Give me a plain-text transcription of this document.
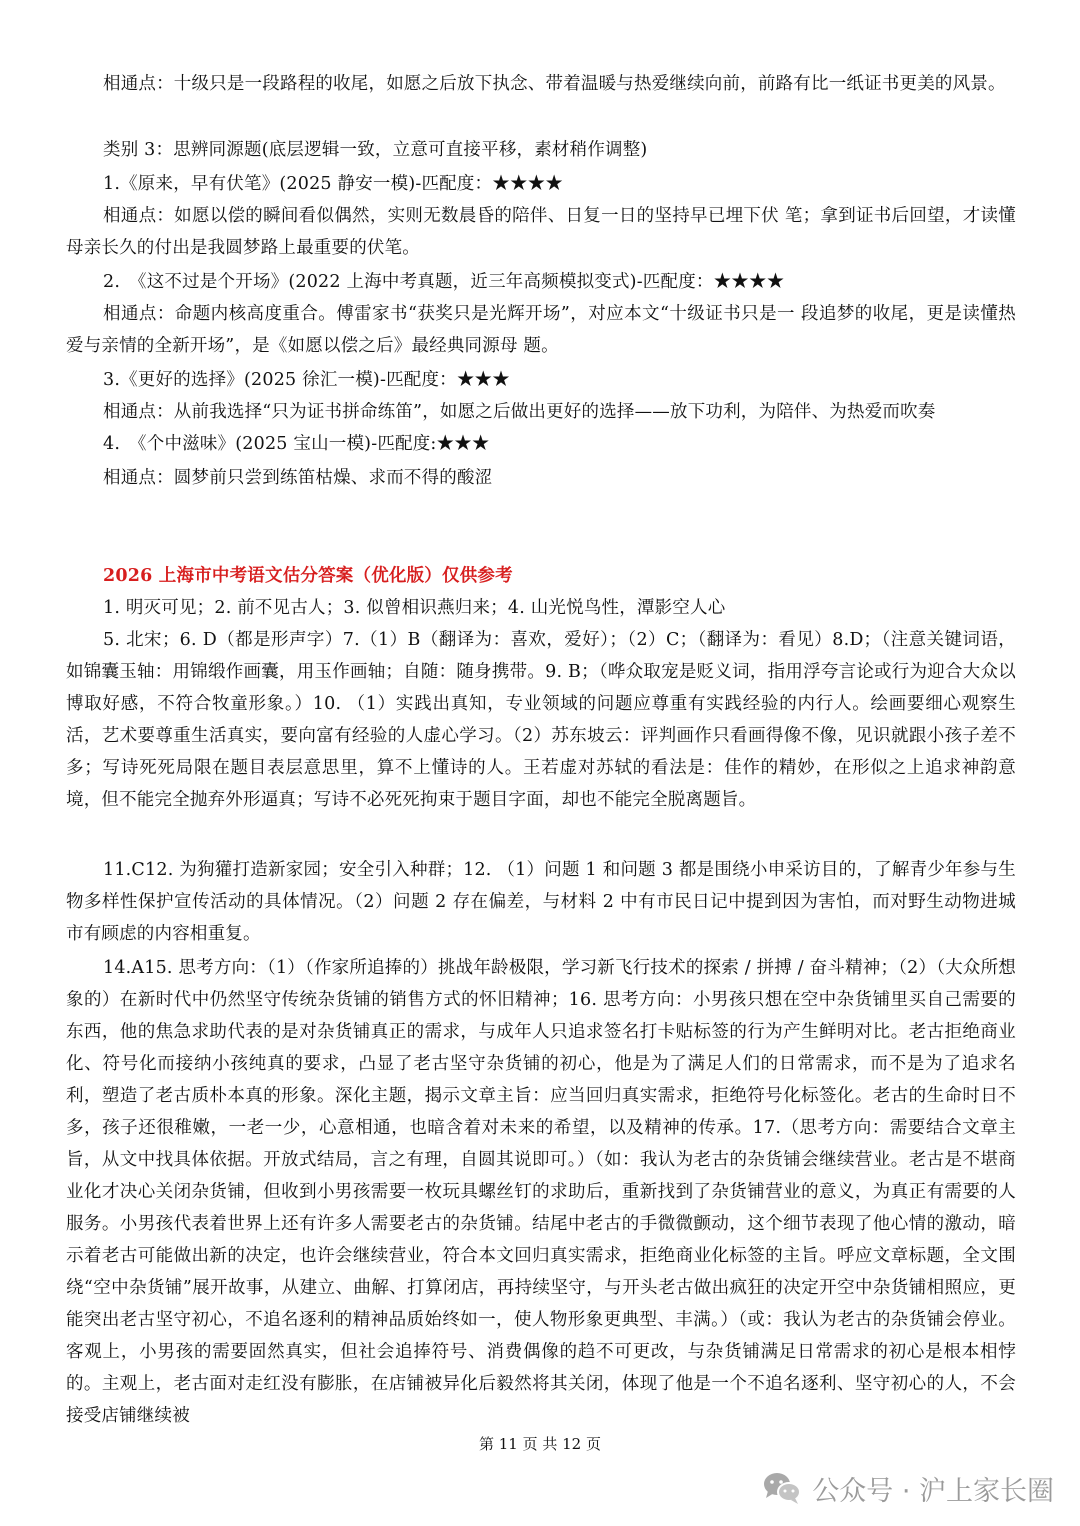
相通点：十级只是一段路程的收尾，如愿之后放下执念、带着温暖与热爱继续向前，前路有比一纸证书更美的风景。

类别 3：思辨同源题(底层逻辑一致，立意可直接平移，素材稍作调整)

1.《原来，早有伏笔》(2025 静安一模)-匹配度：★★★★

相通点：如愿以偿的瞬间看似偶然，实则无数晨昏的陪伴、日复一日的坚持早已埋下伏 笔；拿到证书后回望，才读懂母亲长久的付出是我圆梦路上最重要的伏笔。

2.　《这不过是个开场》(2022 上海中考真题，近三年高频模拟变式)-匹配度：★★★★

相通点：命题内核高度重合。傅雷家书“获奖只是光辉开场”，对应本文“十级证书只是一 段追梦的收尾，更是读懂热爱与亲情的全新开场”，是《如愿以偿之后》最经典同源母 题。

3.《更好的选择》(2025 徐汇一模)-匹配度：★★★

相通点：从前我选择“只为证书拼命练笛”，如愿之后做出更好的选择——放下功利，为陪伴、为热爱而吹奏

4.　《个中滋味》(2025 宝山一模)-匹配度:★★★

相通点：圆梦前只尝到练笛枯燥、求而不得的酸涩

2026 上海市中考语文估分答案（优化版）仅供参考

1. 明灭可见；2. 前不见古人；3. 似曾相识燕归来；4. 山光悦鸟性，潭影空人心

5. 北宋；6. D（都是形声字）7.（1）B（翻译为：喜欢，爱好）；（2）C；（翻译为：看见）8.D；（注意关键词语，如锦囊玉轴：用锦缎作画囊，用玉作画轴；自随：随身携带。9. B；（哗众取宠是贬义词，指用浮夸言论或行为迎合大众以博取好感，不符合牧童形象。）10. （1）实践出真知，专业领域的问题应尊重有实践经验的内行人。绘画要细心观察生活，艺术要尊重生活真实，要向富有经验的人虚心学习。（2）苏东坡云：评判画作只看画得像不像，见识就跟小孩子差不多；写诗死死局限在题目表层意思里，算不上懂诗的人。王若虚对苏轼的看法是：佳作的精妙，在形似之上追求神韵意境，但不能完全抛弃外形逼真；写诗不必死死拘束于题目字面，却也不能完全脱离题旨。

11.C12. 为狗獾打造新家园；安全引入种群；12. （1）问题 1 和问题 3 都是围绕小申采访目的，了解青少年参与生物多样性保护宣传活动的具体情况。（2）问题 2 存在偏差，与材料 2 中有市民日记中提到因为害怕，而对野生动物进城市有顾虑的内容相重复。

14.A15. 思考方向：（1）（作家所追捧的）挑战年龄极限，学习新飞行技术的探索 / 拼搏 / 奋斗精神；（2）（大众所想象的）在新时代中仍然坚守传统杂货铺的销售方式的怀旧精神；16. 思考方向：小男孩只想在空中杂货铺里买自己需要的东西，他的焦急求助代表的是对杂货铺真正的需求，与成年人只追求签名打卡贴标签的行为产生鲜明对比。老古拒绝商业化、符号化而接纳小孩纯真的要求，凸显了老古坚守杂货铺的初心，他是为了满足人们的日常需求，而不是为了追求名利，塑造了老古质朴本真的形象。深化主题，揭示文章主旨：应当回归真实需求，拒绝符号化标签化。老古的生命时日不多，孩子还很稚嫩，一老一少，心意相通，也暗含着对未来的希望，以及精神的传承。17.（思考方向：需要结合文章主旨，从文中找具体依据。开放式结局，言之有理，自圆其说即可。）（如：我认为老古的杂货铺会继续营业。老古是不堪商业化才决心关闭杂货铺，但收到小男孩需要一枚玩具螺丝钉的求助后，重新找到了杂货铺营业的意义，为真正有需要的人服务。小男孩代表着世界上还有许多人需要老古的杂货铺。结尾中老古的手微微颤动，这个细节表现了他心情的激动，暗示着老古可能做出新的决定，也许会继续营业，符合本文回归真实需求，拒绝商业化标签的主旨。呼应文章标题，全文围绕“空中杂货铺”展开故事，从建立、曲解、打算闭店，再持续坚守，与开头老古做出疯狂的决定开空中杂货铺相照应，更能突出老古坚守初心，不追名逐利的精神品质始终如一，使人物形象更典型、丰满。）（或：我认为老古的杂货铺会停业。客观上，小男孩的需要固然真实，但社会追捧符号、消费偶像的趋不可更改，与杂货铺满足日常需求的初心是根本相悖的。主观上，老古面对走红没有膨胀，在店铺被异化后毅然将其关闭，体现了他是一个不追名逐利、坚守初心的人，不会接受店铺继续被

第 11 页 共 12 页
公众号 · 沪上家长圈
